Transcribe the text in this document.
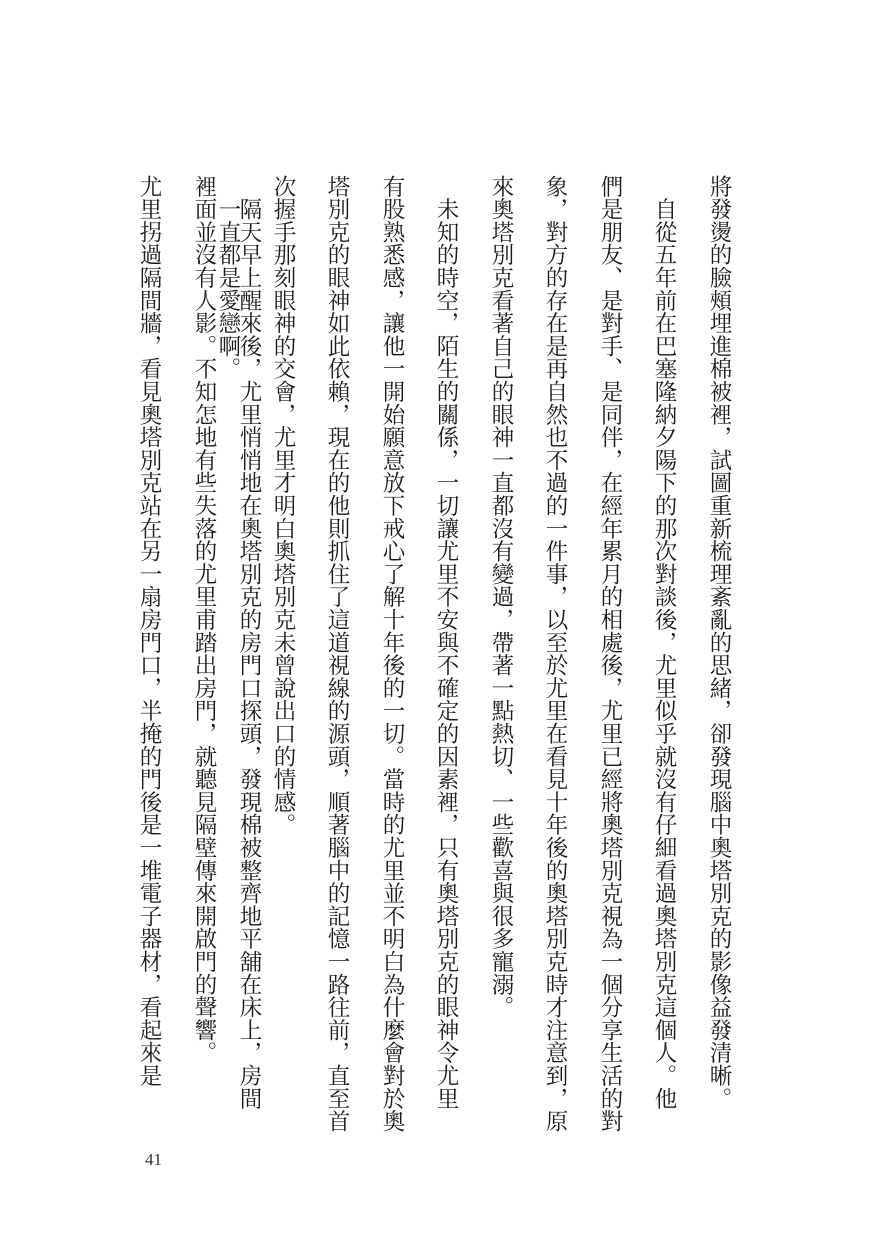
將發燙的臉頰埋進棉被裡，試圖重新梳理紊亂的思緒，卻發現腦中奧塔別克的影像益發清晰。
　自從五年前在巴塞隆納夕陽下的那次對談後，尤里似乎就沒有仔細看過奧塔別克這個人。他
們是朋友、是對手、是同伴，在經年累月的相處後，尤里已經將奧塔別克視為一個分享生活的對
象，對方的存在是再自然也不過的一件事，以至於尤里在看見十年後的奧塔別克時才注意到，原
來奧塔別克看著自己的眼神一直都沒有變過，帶著一點熱切、一些歡喜與很多寵溺。
　未知的時空，陌生的關係，一切讓尤里不安與不確定的因素裡，只有奧塔別克的眼神令尤里
有股熟悉感，讓他一開始願意放下戒心了解十年後的一切。當時的尤里並不明白為什麼會對於奧
塔別克的眼神如此依賴，現在的他則抓住了這道視線的源頭，順著腦中的記憶一路往前，直至首
次握手那刻眼神的交會，尤里才明白奧塔別克未曾說出口的情感。
　一直都是愛戀啊。
　隔天早上醒來後，尤里悄悄地在奧塔別克的房門口探頭，發現棉被整齊地平舖在床上，房間
裡面並沒有人影。不知怎地有些失落的尤里甫踏出房門，就聽見隔壁傳來開啟門的聲響。
尤里拐過隔間牆，看見奧塔別克站在另一扇房門口，半掩的門後是一堆電子器材，看起來是
41
